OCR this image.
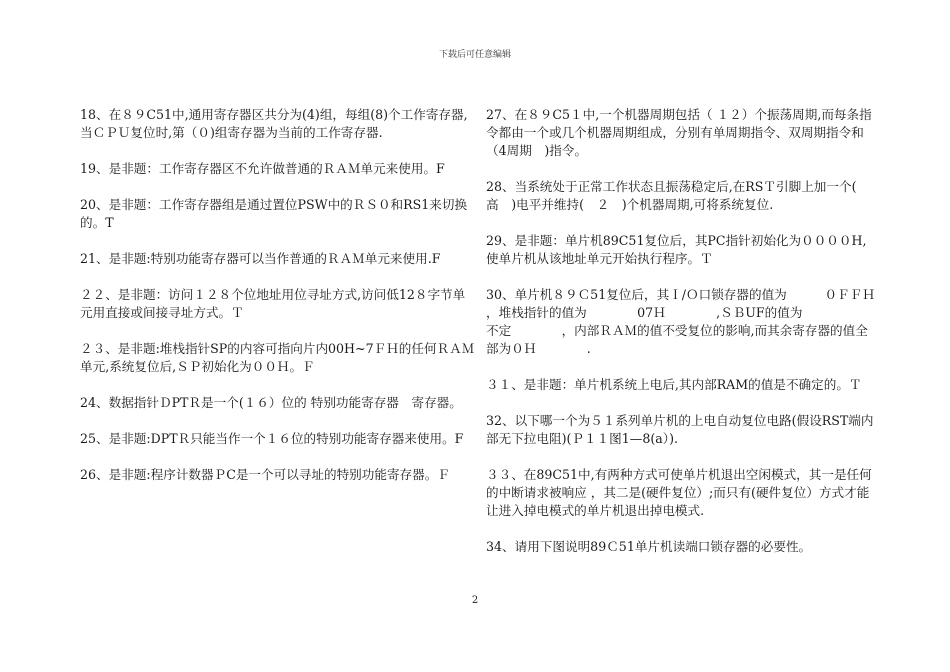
下载后可任意编辑

18、在８９C51中,通用寄存器区共分为(4)组，每组(8)个工作寄存器,当ＣＰＵ复位时,第（０)组寄存器为当前的工作寄存器.

19、是非题：工作寄存器区不允许做普通的ＲＡＭ单元来使用。F

20、是非题：工作寄存器组是通过置位PSW中的ＲＳ０和RS1来切换的。T

21、是非题:特别功能寄存器可以当作普通的ＲＡＭ单元来使用.F

２２、是非题：访问１２８个位地址用位寻址方式,访问低12８字节单元用直接或间接寻址方式。Ｔ

２３、是非题:堆栈指针SP的内容可指向片内00H~7ＦＨ的任何ＲＡＭ单元,系统复位后,ＳＰ初始化为００Ｈ。Ｆ

24、数据指针ＤPTＲ是一个(１６）位的 特别功能寄存器　寄存器。

25、是非题:DPTＲ只能当作一个１６位的特别功能寄存器来使用。F

26、是非题:程序计数器ＰC是一个可以寻址的特别功能寄存器。Ｆ

27、在８９C5１中,一个机器周期包括（ １２）个振荡周期,而每条指令都由一个或几个机器周期组成，分别有单周期指令、双周期指令和（4周期　)指令。

28、当系统处于正常工作状态且振荡稳定后,在RSＴ引脚上加一个( 高　)电平并维持(　２　)个机器周期,可将系统复位.

29、是非题：单片机89C51复位后，其PC指针初始化为００００H,使单片机从该地址单元开始执行程序。Ｔ

30、单片机８９Ｃ51复位后，其Ｉ/Ｏ口锁存器的值为　　　０ＦＦＨ　　　，堆栈指针的值为　　　　07Ｈ　　　　,ＳＢUF的值为　　　　　不定　　　　，内部ＲＡＭ的值不受复位的影响,而其余寄存器的值全部为０Ｈ　　　　.

３１、是非题：单片机系统上电后,其内部RAM的值是不确定的。Ｔ

32、以下哪一个为５１系列单片机的上电自动复位电路(假设RST端内部无下拉电阻)(Ｐ１１图1—8(a）).

３３、在89C51中,有两种方式可使单片机退出空闲模式，其一是任何的中断请求被响应 ，其二是(硬件复位）;而只有(硬件复位）方式才能让进入掉电模式的单片机退出掉电模式.

34、请用下图说明89Ｃ51单片机读端口锁存器的必要性。

2
